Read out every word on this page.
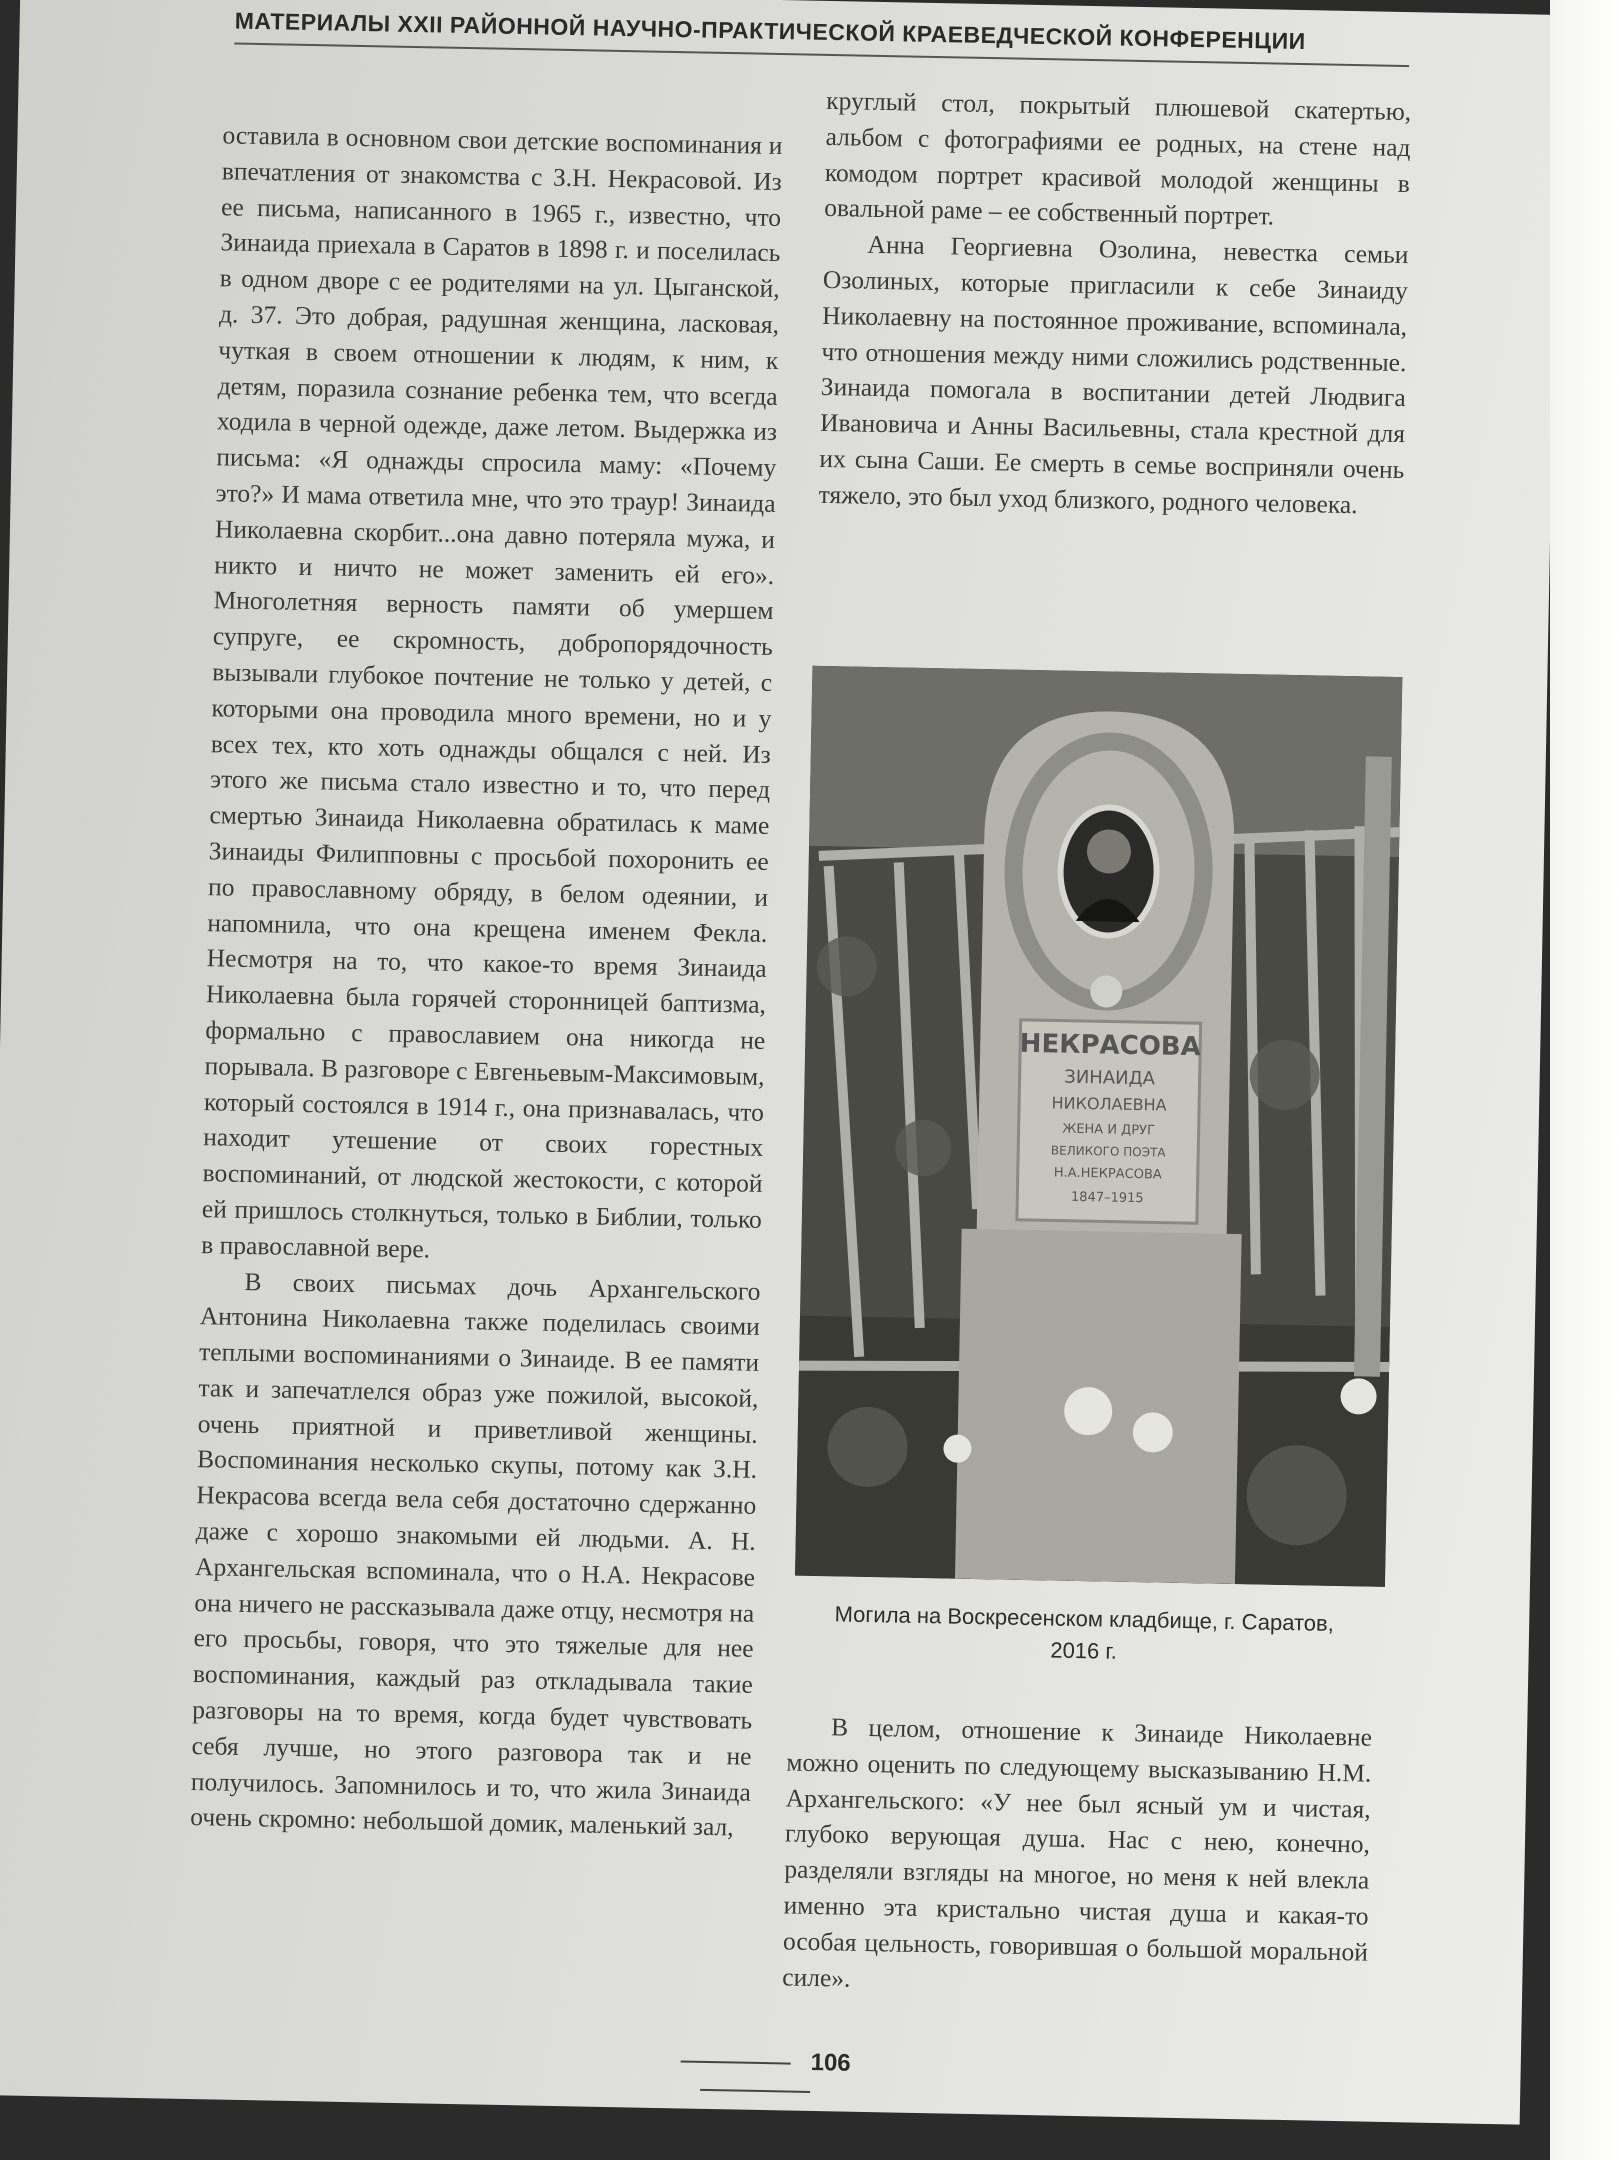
МАТЕРИАЛЫ XXII РАЙОННОЙ НАУЧНО-ПРАКТИЧЕСКОЙ КРАЕВЕДЧЕСКОЙ КОНФЕРЕНЦИИ

оставила в основном свои детские воспоминания и впечатления от знакомства с З.Н. Некрасовой. Из ее письма, написанного в 1965 г., известно, что Зинаида приехала в Саратов в 1898 г. и поселилась в одном дворе с ее родителями на ул. Цыганской, д. 37. Это добрая, радушная женщина, ласковая, чуткая в своем отношении к людям, к ним, к детям, поразила сознание ребенка тем, что всегда ходила в черной одежде, даже летом. Выдержка из письма: «Я однажды спросила маму: «Почему это?» И мама ответила мне, что это траур! Зинаида Николаевна скорбит...она давно потеряла мужа, и никто и ничто не может заменить ей его». Многолетняя верность памяти об умершем супруге, ее скромность, добропорядочность вызывали глубокое почтение не только у детей, с которыми она проводила много времени, но и у всех тех, кто хоть однажды общался с ней. Из этого же письма стало известно и то, что перед смертью Зинаида Николаевна обратилась к маме Зинаиды Филипповны с просьбой похоронить ее по православному обряду, в белом одеянии, и напомнила, что она крещена именем Фекла. Несмотря на то, что какое-то время Зинаида Николаевна была горячей сторонницей баптизма, формально с православием она никогда не порывала. В разговоре с Евгеньевым-Максимовым, который состоялся в 1914 г., она признавалась, что находит утешение от своих горестных воспоминаний, от людской жестокости, с которой ей пришлось столкнуться, только в Библии, только в православной вере.

В своих письмах дочь Архангельского Антонина Николаевна также поделилась своими теплыми воспоминаниями о Зинаиде. В ее памяти так и запечатлелся образ уже пожилой, высокой, очень приятной и приветливой женщины. Воспоминания несколько скупы, потому как З.Н. Некрасова всегда вела себя достаточно сдержанно даже с хорошо знакомыми ей людьми. А. Н. Архангельская вспоминала, что о Н.А. Некрасове она ничего не рассказывала даже отцу, несмотря на его просьбы, говоря, что это тяжелые для нее воспоминания, каждый раз откладывала такие разговоры на то время, когда будет чувствовать себя лучше, но этого разговора так и не получилось. Запомнилось и то, что жила Зинаида очень скромно: небольшой домик, маленький зал,

круглый стол, покрытый плюшевой скатертью, альбом с фотографиями ее родных, на стене над комодом портрет красивой молодой женщины в овальной раме – ее собственный портрет.

Анна Георгиевна Озолина, невестка семьи Озолиных, которые пригласили к себе Зинаиду Николаевну на постоянное проживание, вспоминала, что отношения между ними сложились родственные. Зинаида помогала в воспитании детей Людвига Ивановича и Анны Васильевны, стала крестной для их сына Саши. Ее смерть в семье восприняли очень тяжело, это был уход близкого, родного человека.

НЕКРАСОВА
ЗИНАИДА
НИКОЛАЕВНА
ЖЕНА И ДРУГ
ВЕЛИКОГО ПОЭТА
Н.А.НЕКРАСОВА
1847–1915
Могила на Воскресенском кладбище, г. Саратов,
2016 г.

В целом, отношение к Зинаиде Николаевне можно оценить по следующему высказыванию Н.М. Архангельского: «У нее был ясный ум и чистая, глубоко верующая душа. Нас с нею, конечно, разделяли взгляды на многое, но меня к ней влекла именно эта кристально чистая душа и какая-то особая цельность, говорившая о большой моральной силе».

106
